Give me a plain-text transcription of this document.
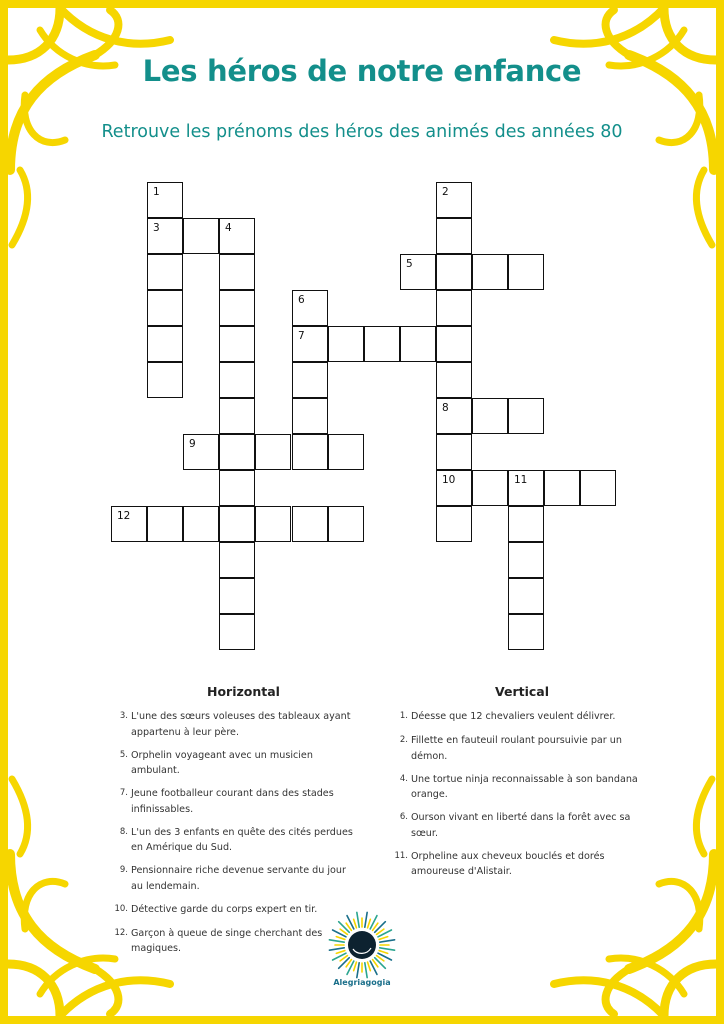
Les héros de notre enfance
Retrouve les prénoms des héros des animés des années 80
1	2
3	4
5
6
7
8
9
10	11
12
Horizontal
3. L'une des sœurs voleuses des tableaux ayant
appartenu à leur père.
5. Orphelin voyageant avec un musicien
ambulant.
7. Jeune footballeur courant dans des stades
infinissables.
8. L'un des 3 enfants en quête des cités perdues
en Amérique du Sud.
9. Pensionnaire riche devenue servante du jour
au lendemain.
10. Détective garde du corps expert en tir.
12. Garçon à queue de singe cherchant des
magiques.
Vertical
1. Déesse que 12 chevaliers veulent délivrer.
2. Fillette en fauteuil roulant poursuivie par un
démon.
4. Une tortue ninja reconnaissable à son bandana
orange.
6. Ourson vivant en liberté dans la forêt avec sa
sœur.
11. Orpheline aux cheveux bouclés et dorés
amoureuse d'Alistair.
Alegriagogia
